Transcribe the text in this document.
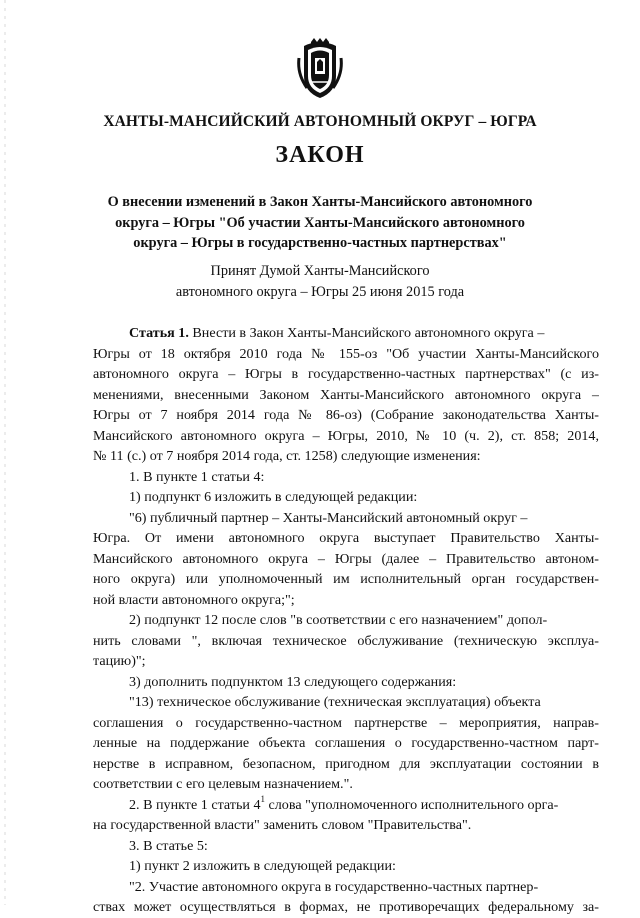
ХАНТЫ-МАНСИЙСКИЙ АВТОНОМНЫЙ ОКРУГ – ЮГРА
ЗАКОН
О внесении изменений в Закон Ханты-Мансийского автономного
округа – Югры "Об участии Ханты-Мансийского автономного
округа – Югры в государственно-частных партнерствах"
Принят Думой Ханты-Мансийского
автономного округа – Югры 25 июня 2015 года
Статья 1. Внести в Закон Ханты-Мансийского автономного округа –
Югры от 18 октября 2010 года № 155-оз "Об участии Ханты-Мансийского
автономного округа – Югры в государственно-частных партнерствах" (с из-
менениями, внесенными Законом Ханты-Мансийского автономного округа –
Югры от 7 ноября 2014 года № 86-оз) (Собрание законодательства Ханты-
Мансийского автономного округа – Югры, 2010, № 10 (ч. 2), ст. 858; 2014,
№ 11 (с.) от 7 ноября 2014 года, ст. 1258) следующие изменения:
1. В пункте 1 статьи 4:
1) подпункт 6 изложить в следующей редакции:
"6) публичный партнер – Ханты-Мансийский автономный округ –
Югра. От имени автономного округа выступает Правительство Ханты-
Мансийского автономного округа – Югры (далее – Правительство автоном-
ного округа) или уполномоченный им исполнительный орган государствен-
ной власти автономного округа;";
2) подпункт 12 после слов "в соответствии с его назначением" допол-
нить словами ", включая техническое обслуживание (техническую эксплуа-
тацию)";
3) дополнить подпунктом 13 следующего содержания:
"13) техническое обслуживание (техническая эксплуатация) объекта
соглашения о государственно-частном партнерстве – мероприятия, направ-
ленные на поддержание объекта соглашения о государственно-частном парт-
нерстве в исправном, безопасном, пригодном для эксплуатации состоянии в
соответствии с его целевым назначением.".
2. В пункте 1 статьи $4^1$ слова "уполномоченного исполнительного орга-
на государственной власти" заменить словом "Правительства".
3. В статье 5:
1) пункт 2 изложить в следующей редакции:
"2. Участие автономного округа в государственно-частных партнер-
ствах может осуществляться в формах, не противоречащих федеральному за-
